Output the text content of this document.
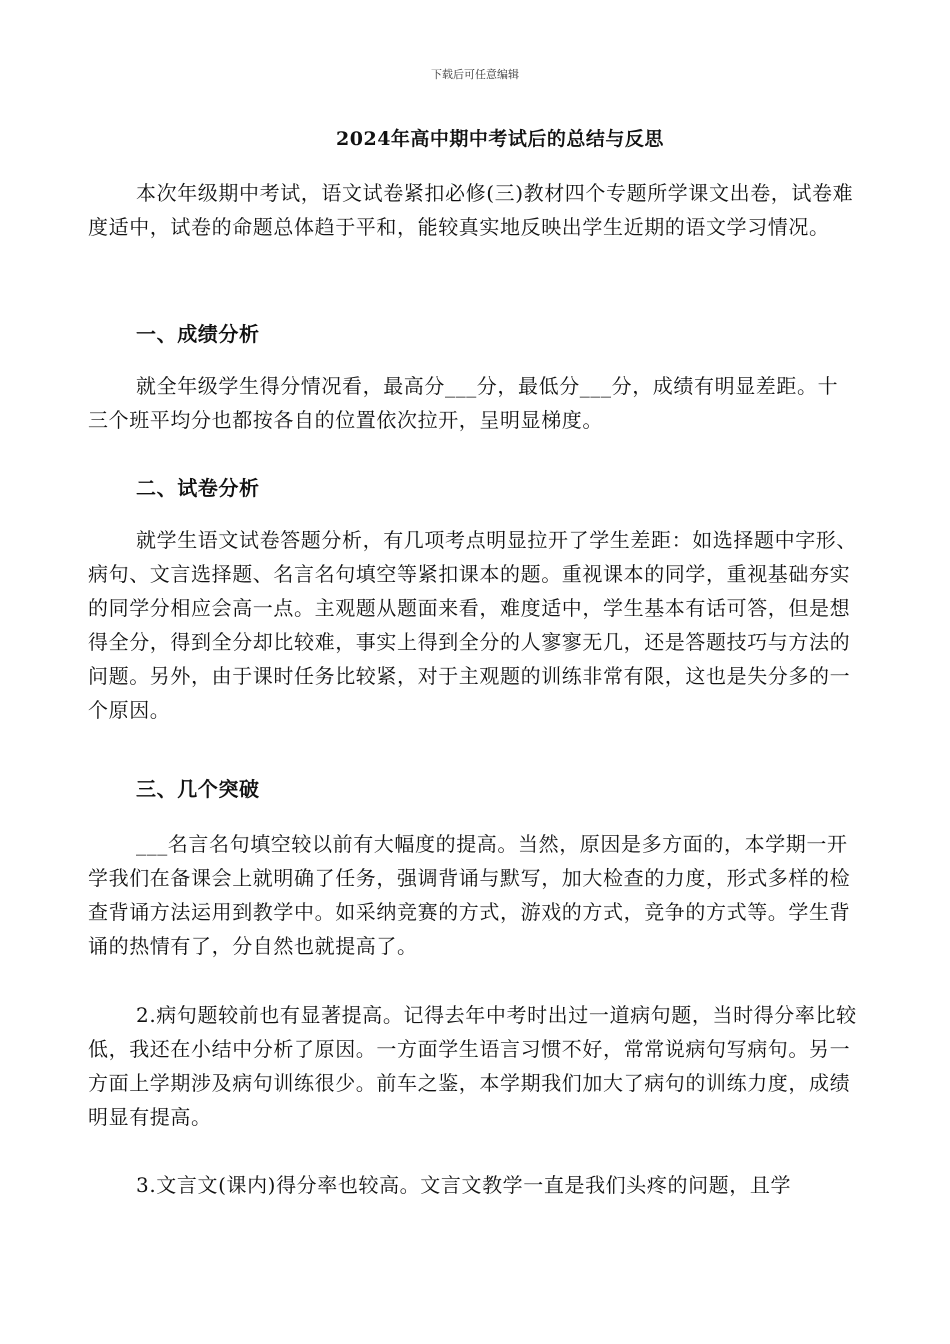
下载后可任意编辑
2024年高中期中考试后的总结与反思

本次年级期中考试，语文试卷紧扣必修(三)教材四个专题所学课文出卷，试卷难度适中，试卷的命题总体趋于平和，能较真实地反映出学生近期的语文学习情况。

一、成绩分析

就全年级学生得分情况看，最高分___分，最低分___分，成绩有明显差距。十三个班平均分也都按各自的位置依次拉开，呈明显梯度。

二、试卷分析

就学生语文试卷答题分析，有几项考点明显拉开了学生差距：如选择题中字形、病句、文言选择题、名言名句填空等紧扣课本的题。重视课本的同学，重视基础夯实的同学分相应会高一点。主观题从题面来看，难度适中，学生基本有话可答，但是想得全分，得到全分却比较难，事实上得到全分的人寥寥无几，还是答题技巧与方法的问题。另外，由于课时任务比较紧，对于主观题的训练非常有限，这也是失分多的一个原因。

三、几个突破

___名言名句填空较以前有大幅度的提高。当然，原因是多方面的，本学期一开学我们在备课会上就明确了任务，强调背诵与默写，加大检查的力度，形式多样的检查背诵方法运用到教学中。如采纳竞赛的方式，游戏的方式，竞争的方式等。学生背诵的热情有了，分自然也就提高了。

2.病句题较前也有显著提高。记得去年中考时出过一道病句题，当时得分率比较低，我还在小结中分析了原因。一方面学生语言习惯不好，常常说病句写病句。另一方面上学期涉及病句训练很少。前车之鉴，本学期我们加大了病句的训练力度，成绩明显有提高。

3.文言文(课内)得分率也较高。文言文教学一直是我们头疼的问题，且学
